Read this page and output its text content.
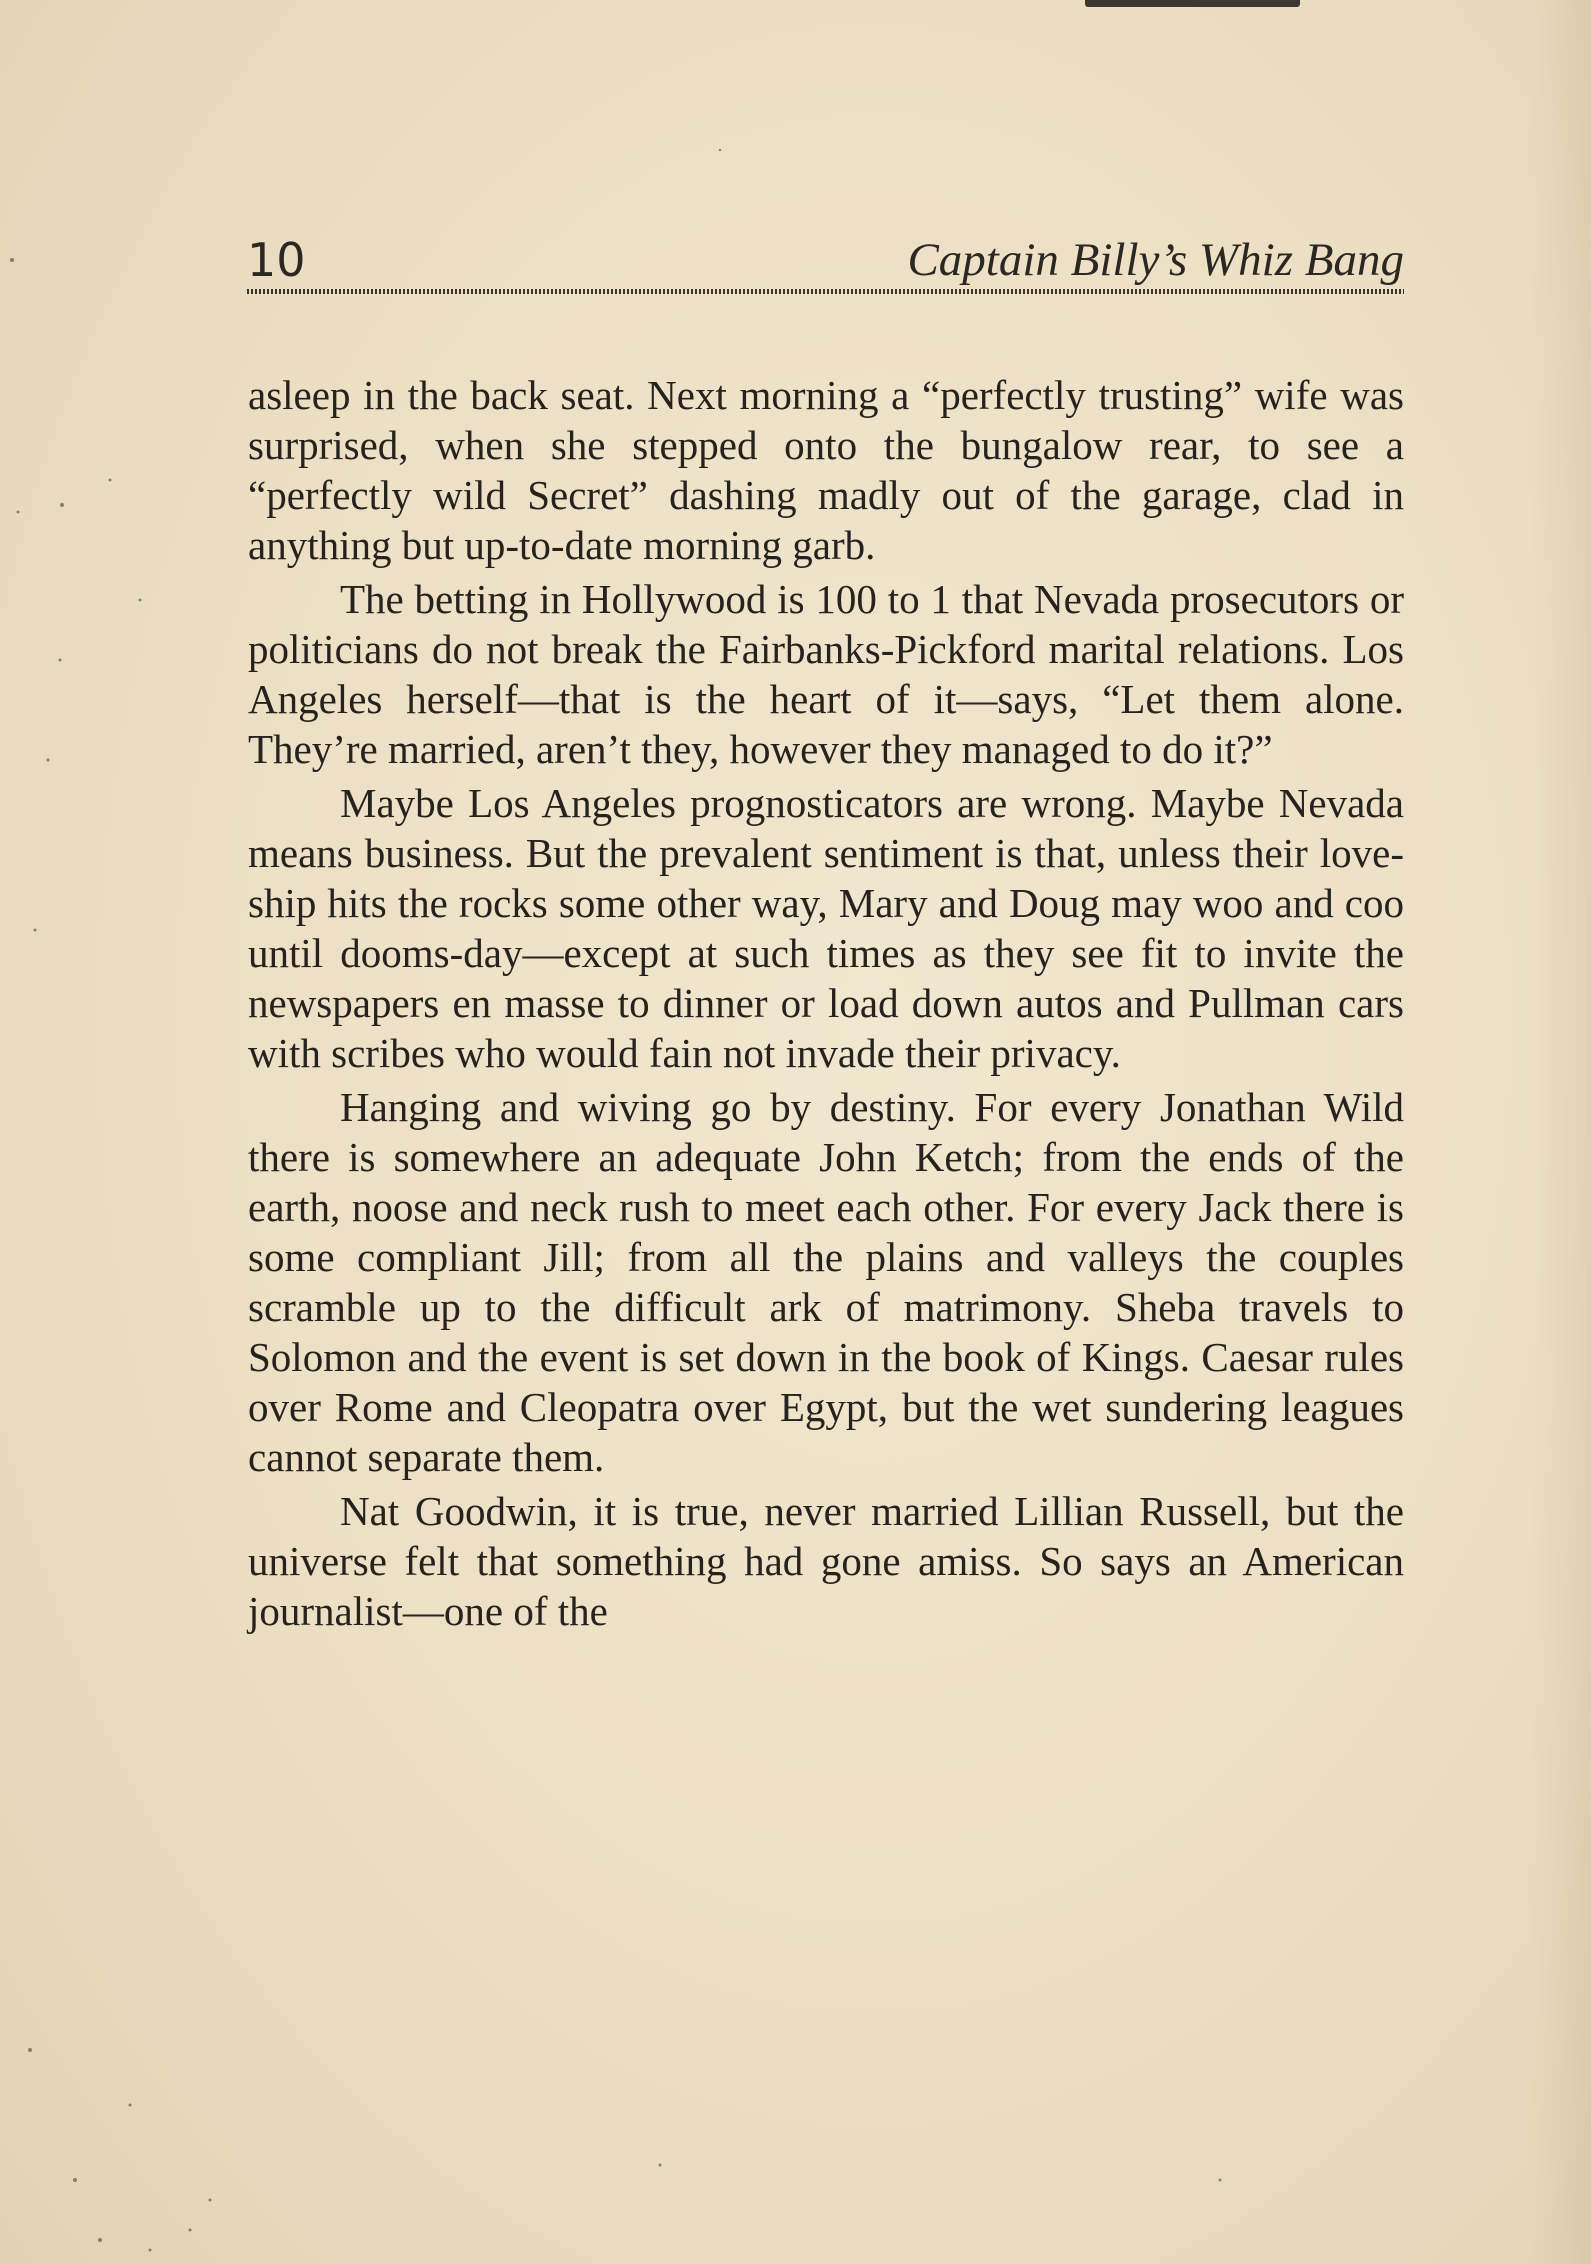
10	Captain Billy’s Whiz Bang

asleep in the back seat. Next morning a “perfectly trusting” wife was surprised, when she stepped onto the bungalow rear, to see a “perfectly wild Secret” dashing madly out of the garage, clad in anything but up-to-date morning garb.

The betting in Hollywood is 100 to 1 that Nevada prosecutors or politicians do not break the Fairbanks-Pickford marital relations. Los Angeles herself—that is the heart of it—says, “Let them alone. They’re married, aren’t they, however they managed to do it?”

Maybe Los Angeles prognosticators are wrong. Maybe Nevada means business. But the prevalent sentiment is that, unless their love-ship hits the rocks some other way, Mary and Doug may woo and coo until dooms-day—except at such times as they see fit to invite the newspapers en masse to dinner or load down autos and Pullman cars with scribes who would fain not invade their privacy.

Hanging and wiving go by destiny. For every Jonathan Wild there is somewhere an adequate John Ketch; from the ends of the earth, noose and neck rush to meet each other. For every Jack there is some compliant Jill; from all the plains and valleys the couples scramble up to the difficult ark of matrimony. Sheba travels to Solomon and the event is set down in the book of Kings. Caesar rules over Rome and Cleopatra over Egypt, but the wet sundering leagues cannot separate them.

Nat Goodwin, it is true, never married Lillian Russell, but the universe felt that something had gone amiss. So says an American journalist—one of the
